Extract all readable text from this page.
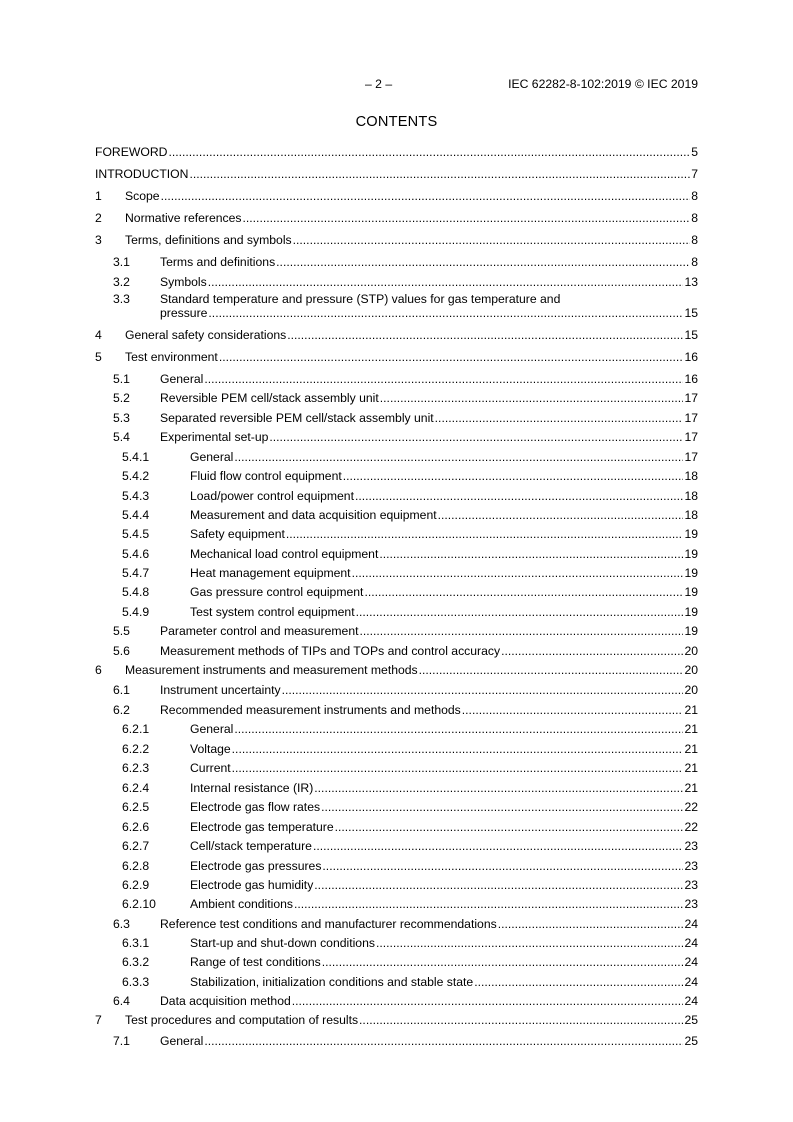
– 2 –	IEC 62282-8-102:2019 © IEC 2019
CONTENTS
FOREWORD .....	5
INTRODUCTION .....	7
1 Scope .....	8
2 Normative references .....	8
3 Terms, definitions and symbols .....	8
3.1 Terms and definitions .....	8
3.2 Symbols .....	13
3.3 Standard temperature and pressure (STP) values for gas temperature and
pressure .....	15
4 General safety considerations .....	15
5 Test environment .....	16
5.1 General .....	16
5.2 Reversible PEM cell/stack assembly unit .....	17
5.3 Separated reversible PEM cell/stack assembly unit .....	17
5.4 Experimental set-up .....	17
5.4.1	General .....	17
5.4.2	Fluid flow control equipment .....	18
5.4.3	Load/power control equipment .....	18
5.4.4	Measurement and data acquisition equipment .....	18
5.4.5	Safety equipment .....	19
5.4.6	Mechanical load control equipment .....	19
5.4.7	Heat management equipment .....	19
5.4.8	Gas pressure control equipment .....	19
5.4.9	Test system control equipment .....	19
5.5 Parameter control and measurement .....	19
5.6 Measurement methods of TIPs and TOPs and control accuracy .....	20
6 Measurement instruments and measurement methods .....	20
6.1 Instrument uncertainty .....	20
6.2 Recommended measurement instruments and methods .....	21
6.2.1	General .....	21
6.2.2	Voltage .....	21
6.2.3	Current .....	21
6.2.4	Internal resistance (IR) .....	21
6.2.5	Electrode gas flow rates .....	22
6.2.6	Electrode gas temperature .....	22
6.2.7	Cell/stack temperature .....	23
6.2.8	Electrode gas pressures .....	23
6.2.9	Electrode gas humidity .....	23
6.2.10	Ambient conditions .....	23
6.3 Reference test conditions and manufacturer recommendations .....	24
6.3.1	Start-up and shut-down conditions .....	24
6.3.2	Range of test conditions .....	24
6.3.3	Stabilization, initialization conditions and stable state .....	24
6.4 Data acquisition method .....	24
7 Test procedures and computation of results .....	25
7.1 General .....	25
